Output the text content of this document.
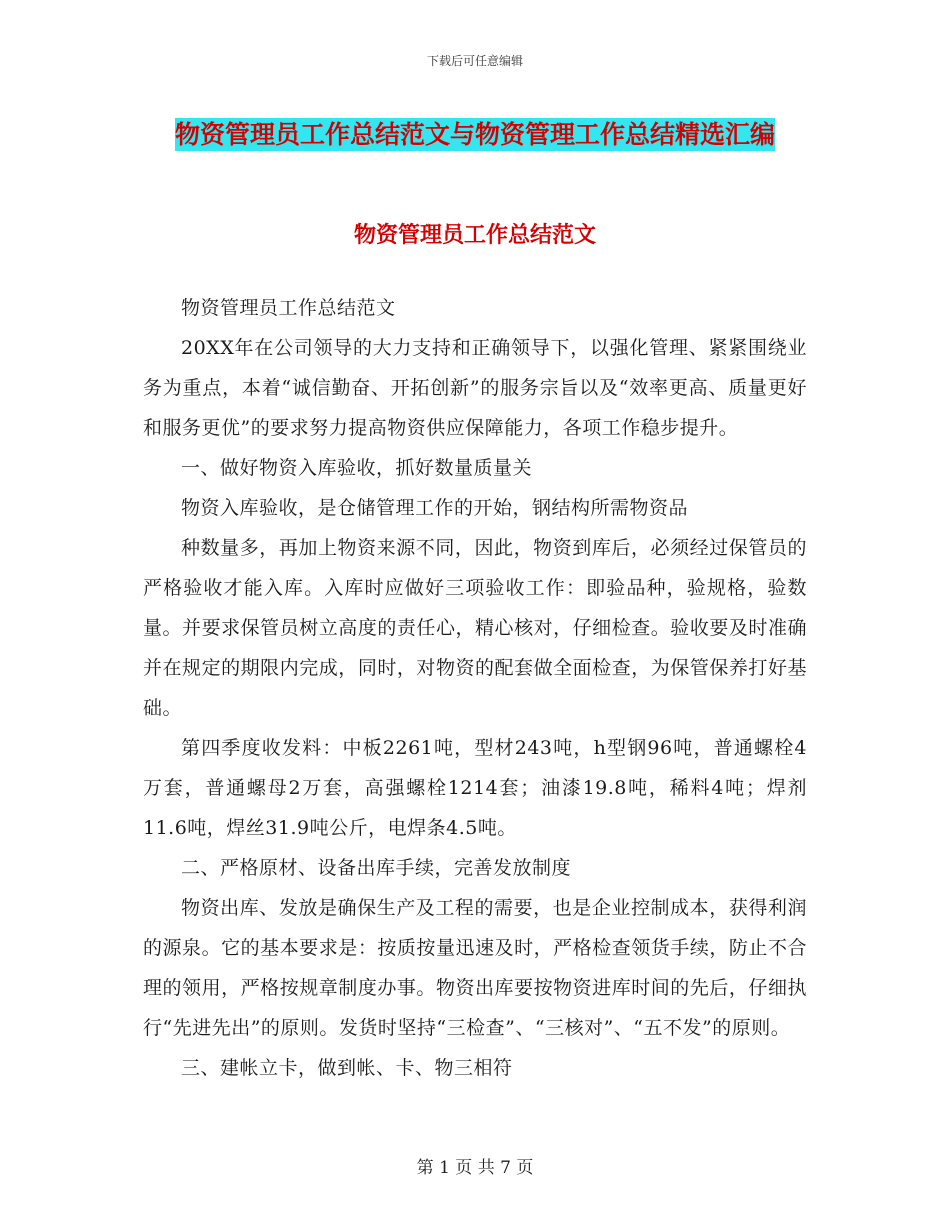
下载后可任意编辑
物资管理员工作总结范文与物资管理工作总结精选汇编
物资管理员工作总结范文

物资管理员工作总结范文

20XX年在公司领导的大力支持和正确领导下，以强化管理、紧紧围绕业务为重点，本着“诚信勤奋、开拓创新”的服务宗旨以及“效率更高、质量更好和服务更优”的要求努力提高物资供应保障能力，各项工作稳步提升。

一、做好物资入库验收，抓好数量质量关

物资入库验收，是仓储管理工作的开始，钢结构所需物资品

种数量多，再加上物资来源不同，因此，物资到库后，必须经过保管员的严格验收才能入库。入库时应做好三项验收工作：即验品种，验规格，验数量。并要求保管员树立高度的责任心，精心核对，仔细检查。验收要及时准确并在规定的期限内完成，同时，对物资的配套做全面检查，为保管保养打好基础。

第四季度收发料：中板2261吨，型材243吨，h型钢96吨，普通螺栓4万套，普通螺母2万套，高强螺栓1214套；油漆19.8吨，稀料4吨；焊剂11.6吨，焊丝31.9吨公斤，电焊条4.5吨。

二、严格原材、设备出库手续，完善发放制度

物资出库、发放是确保生产及工程的需要，也是企业控制成本，获得利润的源泉。它的基本要求是：按质按量迅速及时，严格检查领货手续，防止不合理的领用，严格按规章制度办事。物资出库要按物资进库时间的先后，仔细执行“先进先出”的原则。发货时坚持“三检查”、“三核对”、“五不发”的原则。

三、建帐立卡，做到帐、卡、物三相符

第 1 页 共 7 页
